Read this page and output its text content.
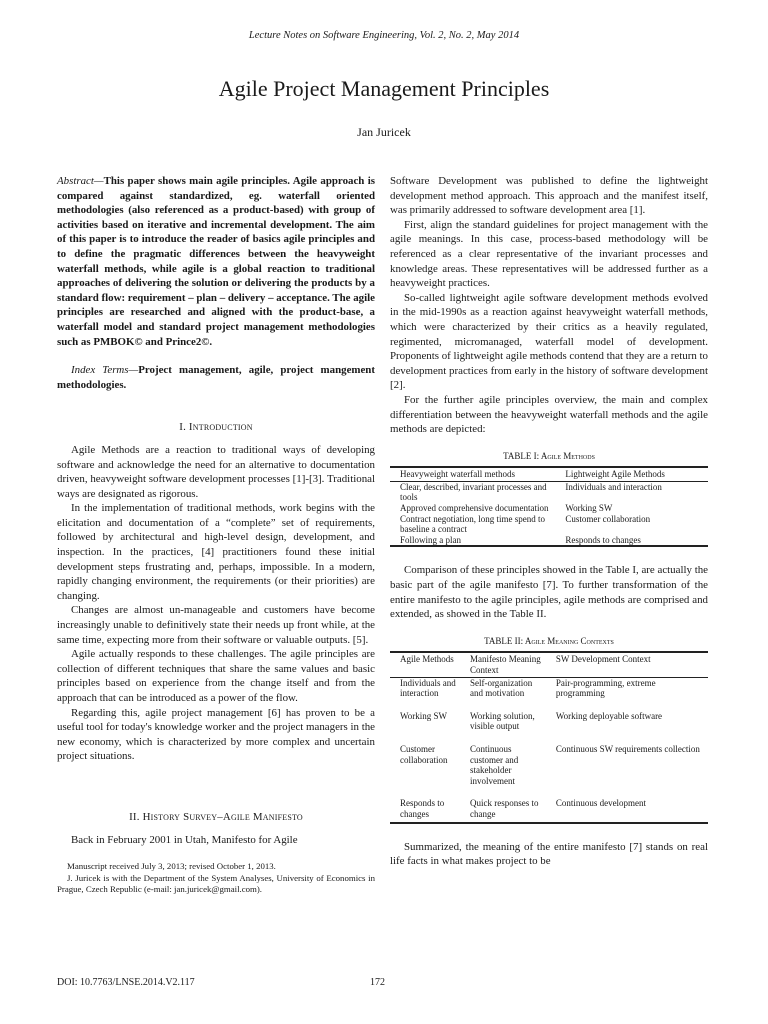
Lecture Notes on Software Engineering, Vol. 2, No. 2, May 2014
Agile Project Management Principles
Jan Juricek

Abstract—This paper shows main agile principles. Agile approach is compared against standardized, eg. waterfall oriented methodologies (also referenced as a product-based) with group of activities based on iterative and incremental development. The aim of this paper is to introduce the reader of basics agile principles and to define the pragmatic differences between the heavyweight waterfall methods, while agile is a global reaction to traditional approaches of delivering the solution or delivering the products by a standard flow: requirement – plan – delivery – acceptance. The agile principles are researched and aligned with the product-base, a waterfall model and standard project management methodologies such as PMBOK© and Prince2©.

Index Terms—Project management, agile, project mangement methodologies.

I. Introduction

Agile Methods are a reaction to traditional ways of developing software and acknowledge the need for an alternative to documentation driven, heavyweight software development processes [1]-[3]. Traditional ways are designated as rigorous.

In the implementation of traditional methods, work begins with the elicitation and documentation of a “complete” set of requirements, followed by architectural and high-level design, development, and inspection. In the practices, [4] practitioners found these initial development steps frustrating and, perhaps, impossible. In a modern, rapidly changing environment, the requirements (or their priorities) are changing.

Changes are almost un-manageable and customers have become increasingly unable to definitively state their needs up front while, at the same time, expecting more from their software or valuable outputs. [5].

Agile actually responds to these challenges. The agile principles are collection of different techniques that share the same values and basic principles based on experience from the change itself and from the approach that can be introduced as a power of the flow.

Regarding this, agile project management [6] has proven to be a useful tool for today's knowledge worker and the project managers in the new economy, which is characterized by more complex and uncertain project situations.

II. History Survey–Agile Manifesto

Back in February 2001 in Utah, Manifesto for Agile

Manuscript received July 3, 2013; revised October 1, 2013.

J. Juricek is with the Department of the System Analyses, University of Economics in Prague, Czech Republic (e-mail: jan.juricek@gmail.com).

Software Development was published to define the lightweight development method approach. This approach and the manifest itself, was primarily addressed to software development area [1].

First, align the standard guidelines for project management with the agile meanings. In this case, process-based methodology will be referenced as a clear representative of the invariant processes and knowledge areas. These representatives will be addressed further as a heavyweight practices.

So-called lightweight agile software development methods evolved in the mid-1990s as a reaction against heavyweight waterfall methods, which were characterized by their critics as a heavily regulated, regimented, micromanaged, waterfall model of development. Proponents of lightweight agile methods contend that they are a return to development practices from early in the history of software development [2].

For the further agile principles overview, the main and complex differentiation between the heavyweight waterfall methods and the agile methods are depicted:

TABLE I: Agile Methods
Heavyweight waterfall methods	Lightweight Agile Methods
Clear, described, invariant processes and tools	Individuals and interaction
Approved comprehensive documentation	Working SW
Contract negotiation, long time spend to baseline a contract	Customer collaboration
Following a plan	Responds to changes

Comparison of these principles showed in the Table I, are actually the basic part of the agile manifesto [7]. To further transformation of the entire manifesto to the agile principles, agile methods are comprised and extended, as showed in the Table II.

TABLE II: Agile Meaning Contexts
Agile Methods	Manifesto Meaning Context	SW Development Context
Individuals and interaction	Self-organization and motivation	Pair-programming, extreme programming
Working SW	Working solution, visible output	Working deployable software
Customer collaboration	Continuous customer and stakeholder involvement	Continuous SW requirements collection
Responds to changes	Quick responses to change	Continuous development

Summarized, the meaning of the entire manifesto [7] stands on real life facts in what makes project to be

DOI: 10.7763/LNSE.2014.V2.117	172
